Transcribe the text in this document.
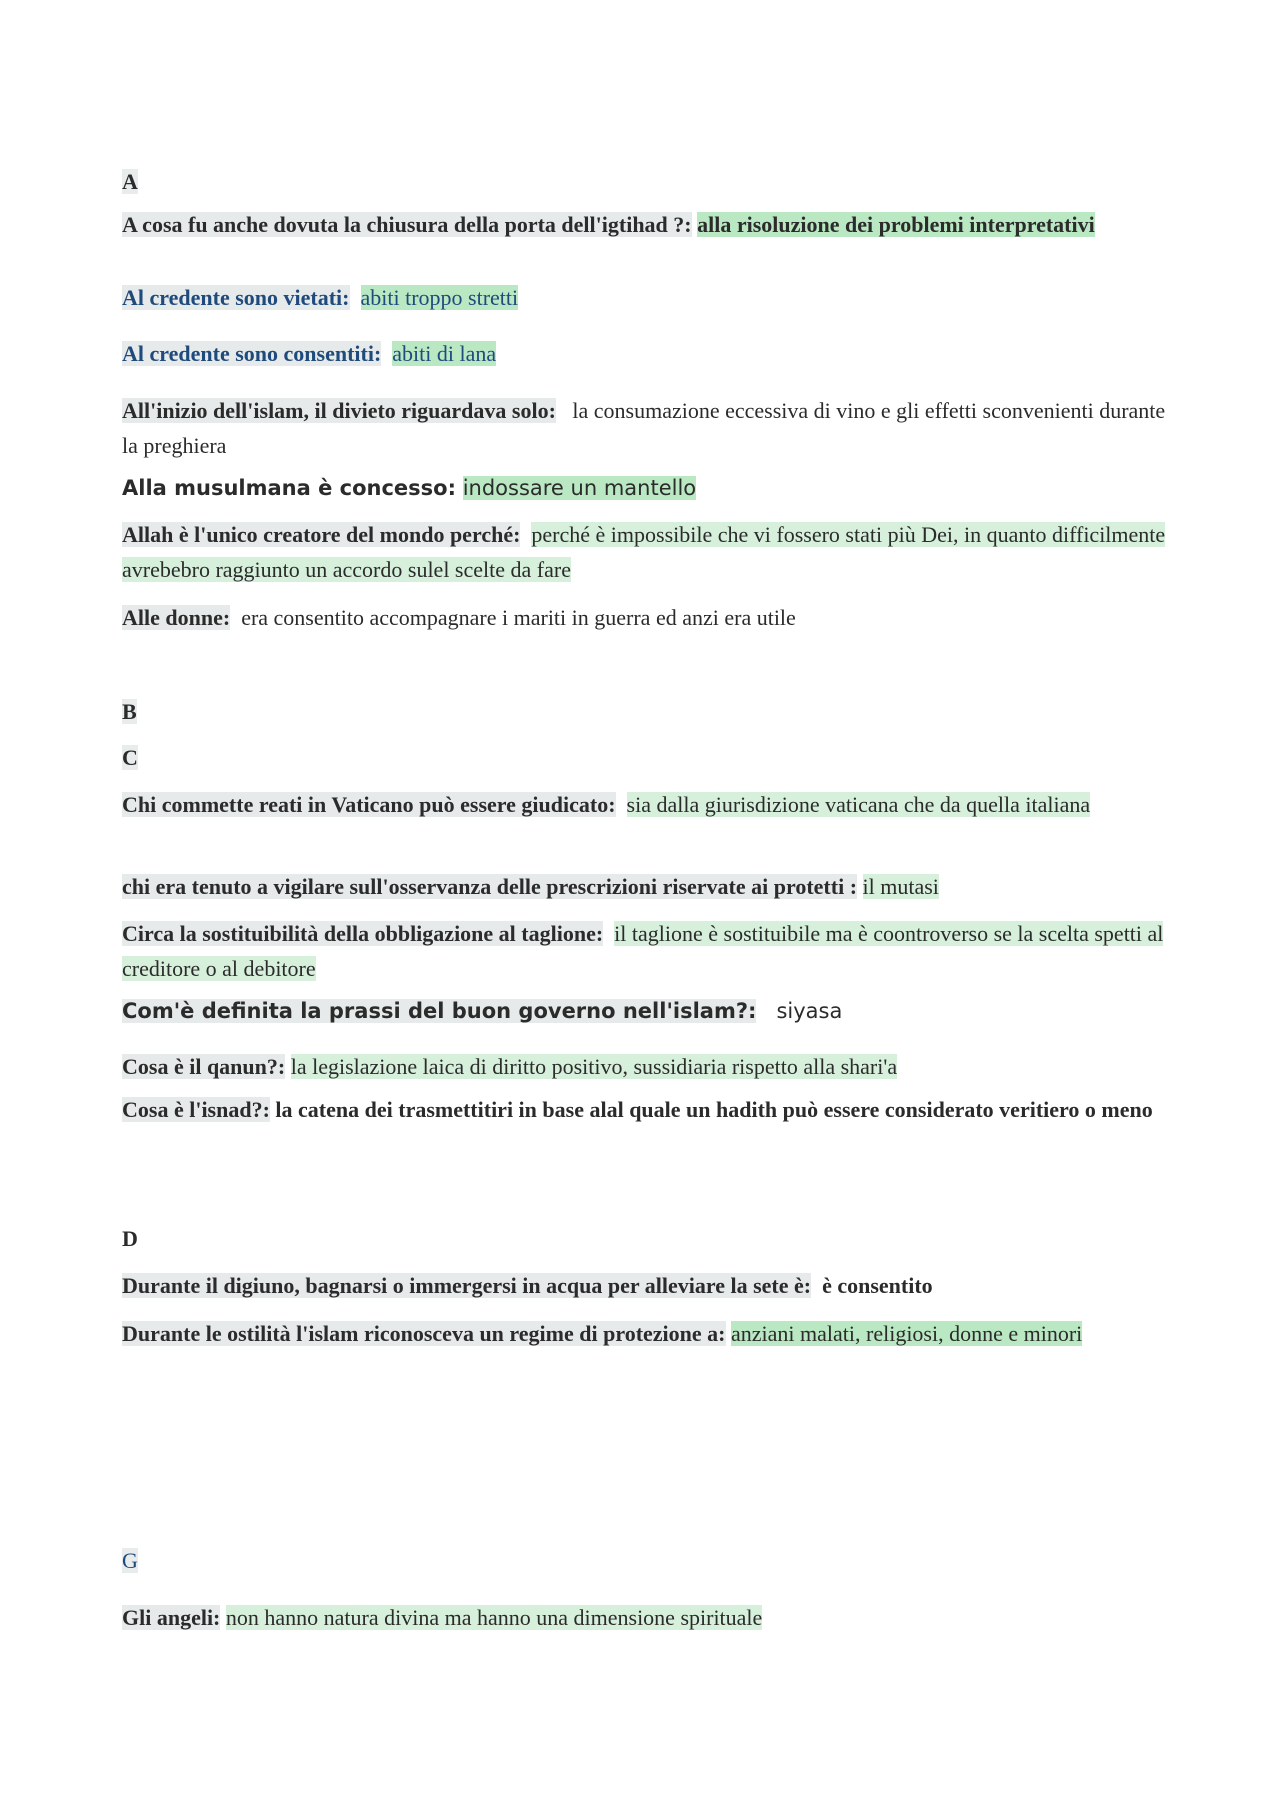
A
A cosa fu anche dovuta la chiusura della porta dell'igtihad ?: alla risoluzione dei problemi interpretativi
Al credente sono vietati: abiti troppo stretti
Al credente sono consentiti: abiti di lana
All'inizio dell'islam, il divieto riguardava solo: la consumazione eccessiva di vino e gli effetti sconvenienti durante la preghiera
Alla musulmana è concesso: indossare un mantello
Allah è l'unico creatore del mondo perché: perché è impossibile che vi fossero stati più Dei, in quanto difficilmente avrebebro raggiunto un accordo sulel scelte da fare
Alle donne: era consentito accompagnare i mariti in guerra ed anzi era utile
B
C
Chi commette reati in Vaticano può essere giudicato: sia dalla giurisdizione vaticana che da quella italiana
chi era tenuto a vigilare sull'osservanza delle prescrizioni riservate ai protetti : il mutasi
Circa la sostituibilità della obbligazione al taglione: il taglione è sostituibile ma è coontroverso se la scelta spetti al creditore o al debitore
Com'è definita la prassi del buon governo nell'islam?: siyasa
Cosa è il qanun?: la legislazione laica di diritto positivo, sussidiaria rispetto alla shari'a
Cosa è l'isnad?: la catena dei trasmettitiri in base alal quale un hadith può essere considerato veritiero o meno
D
Durante il digiuno, bagnarsi o immergersi in acqua per alleviare la sete è: è consentito
Durante le ostilità l'islam riconosceva un regime di protezione a: anziani malati, religiosi, donne e minori
G
Gli angeli: non hanno natura divina ma hanno una dimensione spirituale
